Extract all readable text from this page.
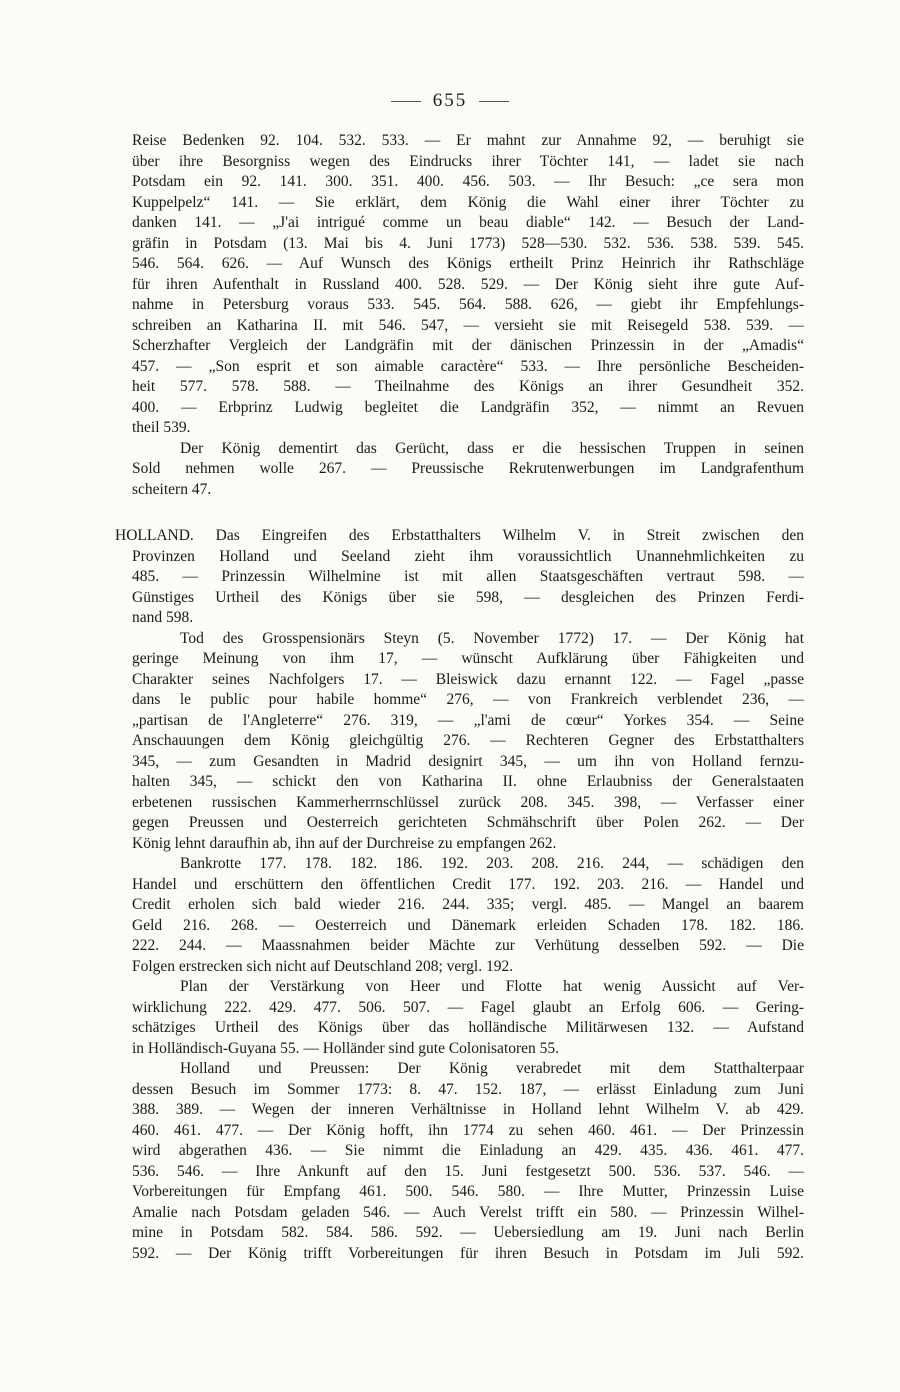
655
Reise Bedenken 92. 104. 532. 533. — Er mahnt zur Annahme 92, — beruhigt sie
über ihre Besorgniss wegen des Eindrucks ihrer Töchter 141, — ladet sie nach
Potsdam ein 92. 141. 300. 351. 400. 456. 503. — Ihr Besuch: „ce sera mon
Kuppelpelz“ 141. — Sie erklärt, dem König die Wahl einer ihrer Töchter zu
danken 141. — „J'ai intrigué comme un beau diable“ 142. — Besuch der Land-
gräfin in Potsdam (13. Mai bis 4. Juni 1773) 528—530. 532. 536. 538. 539. 545.
546. 564. 626. — Auf Wunsch des Königs ertheilt Prinz Heinrich ihr Rathschläge
für ihren Aufenthalt in Russland 400. 528. 529. — Der König sieht ihre gute Auf-
nahme in Petersburg voraus 533. 545. 564. 588. 626, — giebt ihr Empfehlungs-
schreiben an Katharina II. mit 546. 547, — versieht sie mit Reisegeld 538. 539. —
Scherzhafter Vergleich der Landgräfin mit der dänischen Prinzessin in der „Amadis“
457. — „Son esprit et son aimable caractère“ 533. — Ihre persönliche Bescheiden-
heit 577. 578. 588. — Theilnahme des Königs an ihrer Gesundheit 352.
400. — Erbprinz Ludwig begleitet die Landgräfin 352, — nimmt an Revuen
theil 539.
Der König dementirt das Gerücht, dass er die hessischen Truppen in seinen
Sold nehmen wolle 267. — Preussische Rekrutenwerbungen im Landgrafenthum
scheitern 47.
HOLLAND. Das Eingreifen des Erbstatthalters Wilhelm V. in Streit zwischen den
Provinzen Holland und Seeland zieht ihm voraussichtlich Unannehmlichkeiten zu
485. — Prinzessin Wilhelmine ist mit allen Staatsgeschäften vertraut 598. —
Günstiges Urtheil des Königs über sie 598, — desgleichen des Prinzen Ferdi-
nand 598.
Tod des Grosspensionärs Steyn (5. November 1772) 17. — Der König hat
geringe Meinung von ihm 17, — wünscht Aufklärung über Fähigkeiten und
Charakter seines Nachfolgers 17. — Bleiswick dazu ernannt 122. — Fagel „passe
dans le public pour habile homme“ 276, — von Frankreich verblendet 236, —
„partisan de l'Angleterre“ 276. 319, — „l'ami de cœur“ Yorkes 354. — Seine
Anschauungen dem König gleichgültig 276. — Rechteren Gegner des Erbstatthalters
345, — zum Gesandten in Madrid designirt 345, — um ihn von Holland fernzu-
halten 345, — schickt den von Katharina II. ohne Erlaubniss der Generalstaaten
erbetenen russischen Kammerherrnschlüssel zurück 208. 345. 398, — Verfasser einer
gegen Preussen und Oesterreich gerichteten Schmähschrift über Polen 262. — Der
König lehnt daraufhin ab, ihn auf der Durchreise zu empfangen 262.
Bankrotte 177. 178. 182. 186. 192. 203. 208. 216. 244, — schädigen den
Handel und erschüttern den öffentlichen Credit 177. 192. 203. 216. — Handel und
Credit erholen sich bald wieder 216. 244. 335; vergl. 485. — Mangel an baarem
Geld 216. 268. — Oesterreich und Dänemark erleiden Schaden 178. 182. 186.
222. 244. — Maassnahmen beider Mächte zur Verhütung desselben 592. — Die
Folgen erstrecken sich nicht auf Deutschland 208; vergl. 192.
Plan der Verstärkung von Heer und Flotte hat wenig Aussicht auf Ver-
wirklichung 222. 429. 477. 506. 507. — Fagel glaubt an Erfolg 606. — Gering-
schätziges Urtheil des Königs über das holländische Militärwesen 132. — Aufstand
in Holländisch-Guyana 55. — Holländer sind gute Colonisatoren 55.
Holland und Preussen: Der König verabredet mit dem Statthalterpaar
dessen Besuch im Sommer 1773: 8. 47. 152. 187, — erlässt Einladung zum Juni
388. 389. — Wegen der inneren Verhältnisse in Holland lehnt Wilhelm V. ab 429.
460. 461. 477. — Der König hofft, ihn 1774 zu sehen 460. 461. — Der Prinzessin
wird abgerathen 436. — Sie nimmt die Einladung an 429. 435. 436. 461. 477.
536. 546. — Ihre Ankunft auf den 15. Juni festgesetzt 500. 536. 537. 546. —
Vorbereitungen für Empfang 461. 500. 546. 580. — Ihre Mutter, Prinzessin Luise
Amalie nach Potsdam geladen 546. — Auch Verelst trifft ein 580. — Prinzessin Wilhel-
mine in Potsdam 582. 584. 586. 592. — Uebersiedlung am 19. Juni nach Berlin
592. — Der König trifft Vorbereitungen für ihren Besuch in Potsdam im Juli 592.
